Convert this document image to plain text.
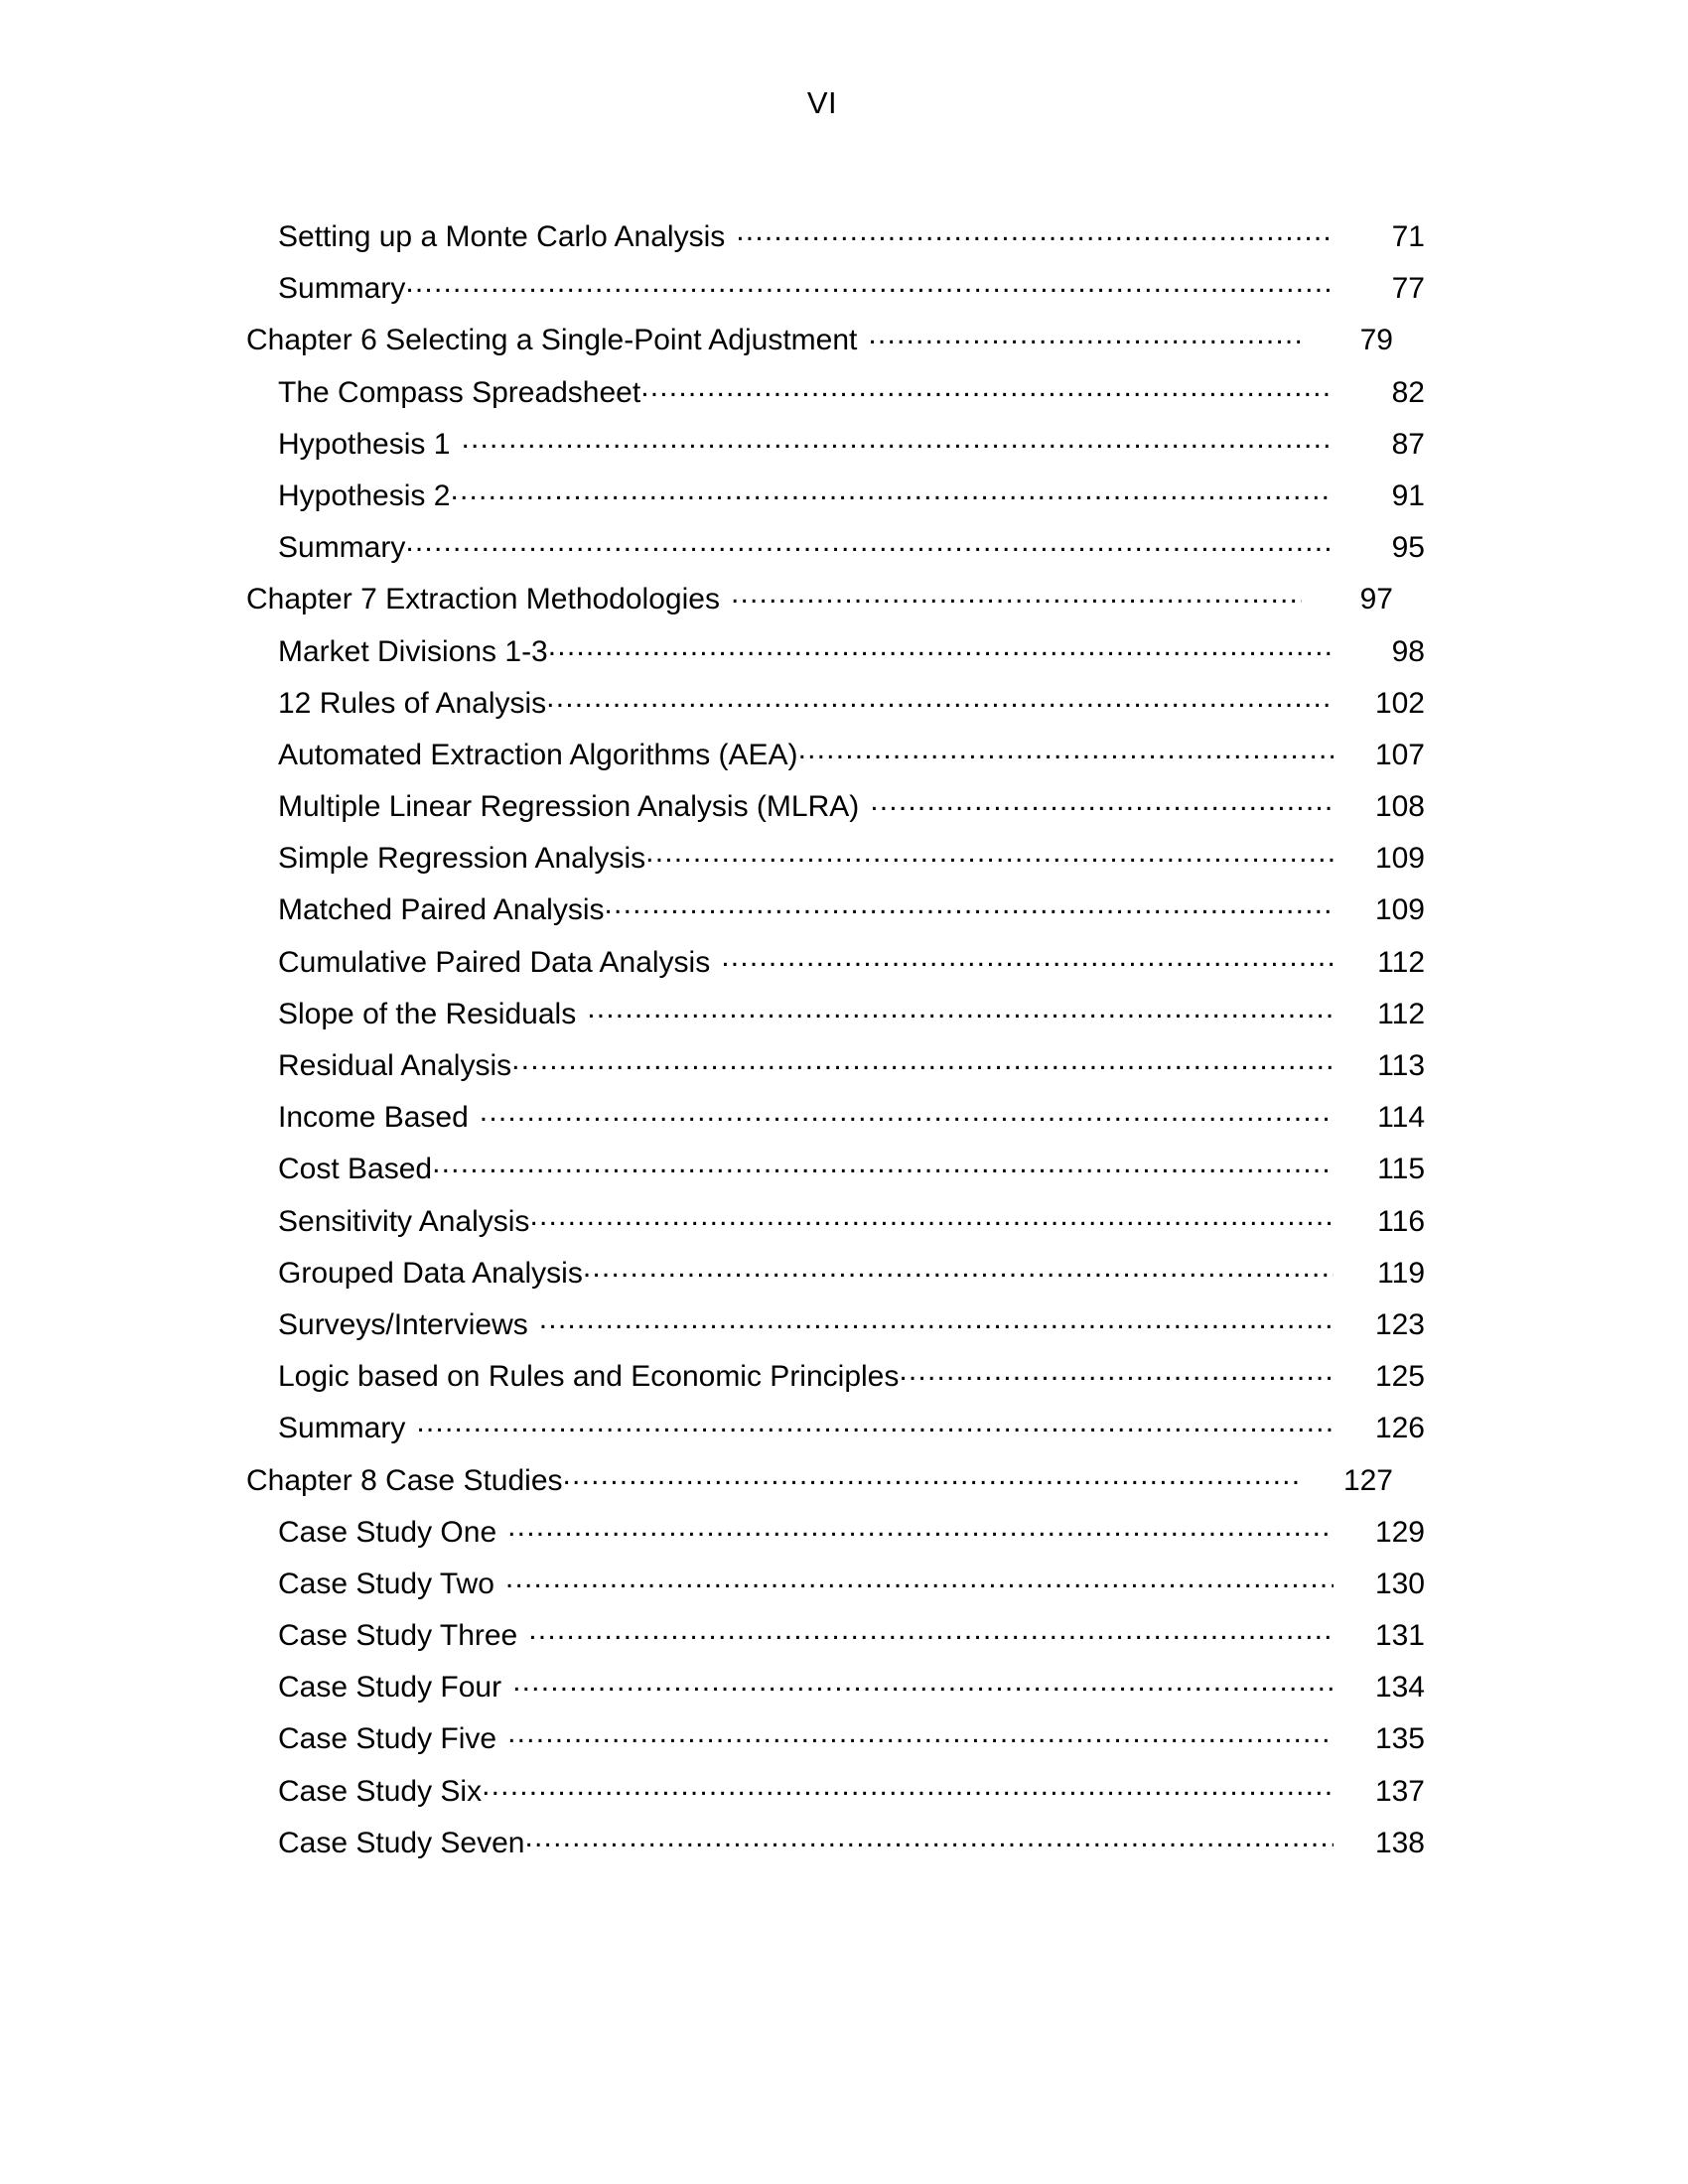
VI
Setting up a Monte Carlo Analysis .....	71
Summary .....	77
Chapter 6 Selecting a Single-Point Adjustment .....	79
The Compass Spreadsheet .....	82
Hypothesis 1 .....	87
Hypothesis 2 .....	91
Summary .....	95
Chapter 7 Extraction Methodologies .....	97
Market Divisions 1-3 .....	98
12 Rules of Analysis .....	102
Automated Extraction Algorithms (AEA) .....	107
Multiple Linear Regression Analysis (MLRA) .....	108
Simple Regression Analysis .....	109
Matched Paired Analysis .....	109
Cumulative Paired Data Analysis .....	112
Slope of the Residuals .....	112
Residual Analysis .....	113
Income Based .....	114
Cost Based .....	115
Sensitivity Analysis .....	116
Grouped Data Analysis .....	119
Surveys/Interviews .....	123
Logic based on Rules and Economic Principles .....	125
Summary .....	126
Chapter 8 Case Studies .....	127
Case Study One .....	129
Case Study Two .....	130
Case Study Three .....	131
Case Study Four .....	134
Case Study Five .....	135
Case Study Six .....	137
Case Study Seven .....	138
